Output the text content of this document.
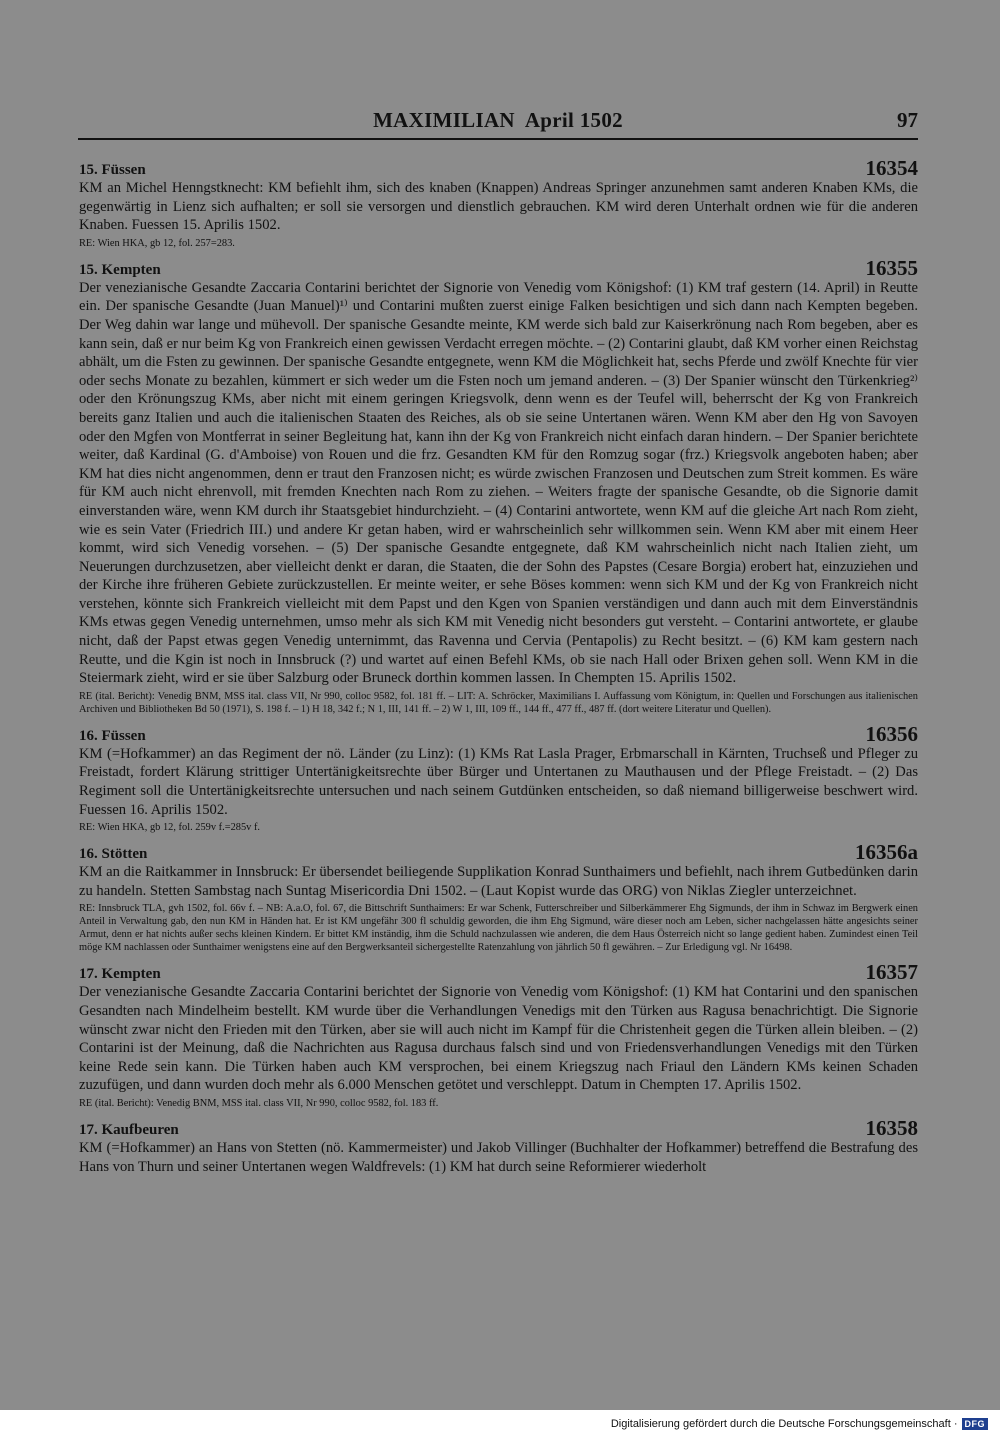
MAXIMILIAN  April 1502	97
15. Füssen	16354
KM an Michel Henngstknecht: KM befiehlt ihm, sich des knaben (Knappen) Andreas Springer anzunehmen samt anderen Knaben KMs, die gegenwärtig in Lienz sich aufhalten; er soll sie versorgen und dienstlich gebrauchen. KM wird deren Unterhalt ordnen wie für die anderen Knaben. Fuessen 15. Aprilis 1502.
RE: Wien HKA, gb 12, fol. 257=283.
15. Kempten	16355
Der venezianische Gesandte Zaccaria Contarini berichtet der Signorie von Venedig vom Königshof: (1) KM traf gestern (14. April) in Reutte ein. Der spanische Gesandte (Juan Manuel)¹⁾ und Contarini mußten zuerst einige Falken besichtigen und sich dann nach Kempten begeben. Der Weg dahin war lange und mühevoll. Der spanische Gesandte meinte, KM werde sich bald zur Kaiserkrönung nach Rom begeben, aber es kann sein, daß er nur beim Kg von Frankreich einen gewissen Verdacht erregen möchte. – (2) Contarini glaubt, daß KM vorher einen Reichstag abhält, um die Fsten zu gewinnen. Der spanische Gesandte entgegnete, wenn KM die Möglichkeit hat, sechs Pferde und zwölf Knechte für vier oder sechs Monate zu bezahlen, kümmert er sich weder um die Fsten noch um jemand anderen. – (3) Der Spanier wünscht den Türkenkrieg²⁾ oder den Krönungszug KMs, aber nicht mit einem geringen Kriegsvolk, denn wenn es der Teufel will, beherrscht der Kg von Frankreich bereits ganz Italien und auch die italienischen Staaten des Reiches, als ob sie seine Untertanen wären. Wenn KM aber den Hg von Savoyen oder den Mgfen von Montferrat in seiner Begleitung hat, kann ihn der Kg von Frankreich nicht einfach daran hindern. – Der Spanier berichtete weiter, daß Kardinal (G. d'Amboise) von Rouen und die frz. Gesandten KM für den Romzug sogar (frz.) Kriegsvolk angeboten haben; aber KM hat dies nicht angenommen, denn er traut den Franzosen nicht; es würde zwischen Franzosen und Deutschen zum Streit kommen. Es wäre für KM auch nicht ehrenvoll, mit fremden Knechten nach Rom zu ziehen. – Weiters fragte der spanische Gesandte, ob die Signorie damit einverstanden wäre, wenn KM durch ihr Staatsgebiet hindurchzieht. – (4) Contarini antwortete, wenn KM auf die gleiche Art nach Rom zieht, wie es sein Vater (Friedrich III.) und andere Kr getan haben, wird er wahrscheinlich sehr willkommen sein. Wenn KM aber mit einem Heer kommt, wird sich Venedig vorsehen. – (5) Der spanische Gesandte entgegnete, daß KM wahrscheinlich nicht nach Italien zieht, um Neuerungen durchzusetzen, aber vielleicht denkt er daran, die Staaten, die der Sohn des Papstes (Cesare Borgia) erobert hat, einzuziehen und der Kirche ihre früheren Gebiete zurückzustellen. Er meinte weiter, er sehe Böses kommen: wenn sich KM und der Kg von Frankreich nicht verstehen, könnte sich Frankreich vielleicht mit dem Papst und den Kgen von Spanien verständigen und dann auch mit dem Einverständnis KMs etwas gegen Venedig unternehmen, umso mehr als sich KM mit Venedig nicht besonders gut versteht. – Contarini antwortete, er glaube nicht, daß der Papst etwas gegen Venedig unternimmt, das Ravenna und Cervia (Pentapolis) zu Recht besitzt. – (6) KM kam gestern nach Reutte, und die Kgin ist noch in Innsbruck (?) und wartet auf einen Befehl KMs, ob sie nach Hall oder Brixen gehen soll. Wenn KM in die Steiermark zieht, wird er sie über Salzburg oder Bruneck dorthin kommen lassen. In Chempten 15. Aprilis 1502.
RE (ital. Bericht): Venedig BNM, MSS ital. class VII, Nr 990, colloc 9582, fol. 181 ff. – LIT: A. Schröcker, Maximilians I. Auffassung vom Königtum, in: Quellen und Forschungen aus italienischen Archiven und Bibliotheken Bd 50 (1971), S. 198 f. – 1) H 18, 342 f.; N 1, III, 141 ff. – 2) W 1, III, 109 ff., 144 ff., 477 ff., 487 ff. (dort weitere Literatur und Quellen).
16. Füssen	16356
KM (=Hofkammer) an das Regiment der nö. Länder (zu Linz): (1) KMs Rat Lasla Prager, Erbmarschall in Kärnten, Truchseß und Pfleger zu Freistadt, fordert Klärung strittiger Untertänigkeitsrechte über Bürger und Untertanen zu Mauthausen und der Pflege Freistadt. – (2) Das Regiment soll die Untertänigkeitsrechte untersuchen und nach seinem Gutdünken entscheiden, so daß niemand billigerweise beschwert wird. Fuessen 16. Aprilis 1502.
RE: Wien HKA, gb 12, fol. 259v f.=285v f.
16. Stötten	16356a
KM an die Raitkammer in Innsbruck: Er übersendet beiliegende Supplikation Konrad Sunthaimers und befiehlt, nach ihrem Gutbedünken darin zu handeln. Stetten Sambstag nach Suntag Misericordia Dni 1502. – (Laut Kopist wurde das ORG) von Niklas Ziegler unterzeichnet.
RE: Innsbruck TLA, gvh 1502, fol. 66v f. – NB: A.a.O, fol. 67, die Bittschrift Sunthaimers: Er war Schenk, Futterschreiber und Silberkämmerer Ehg Sigmunds, der ihm in Schwaz im Bergwerk einen Anteil in Verwaltung gab, den nun KM in Händen hat. Er ist KM ungefähr 300 fl schuldig geworden, die ihm Ehg Sigmund, wäre dieser noch am Leben, sicher nachgelassen hätte angesichts seiner Armut, denn er hat nichts außer sechs kleinen Kindern. Er bittet KM inständig, ihm die Schuld nachzulassen wie anderen, die dem Haus Österreich nicht so lange gedient haben. Zumindest einen Teil möge KM nachlassen oder Sunthaimer wenigstens eine auf den Bergwerksanteil sichergestellte Ratenzahlung von jährlich 50 fl gewähren. – Zur Erledigung vgl. Nr 16498.
17. Kempten	16357
Der venezianische Gesandte Zaccaria Contarini berichtet der Signorie von Venedig vom Königshof: (1) KM hat Contarini und den spanischen Gesandten nach Mindelheim bestellt. KM wurde über die Verhandlungen Venedigs mit den Türken aus Ragusa benachrichtigt. Die Signorie wünscht zwar nicht den Frieden mit den Türken, aber sie will auch nicht im Kampf für die Christenheit gegen die Türken allein bleiben. – (2) Contarini ist der Meinung, daß die Nachrichten aus Ragusa durchaus falsch sind und von Friedensverhandlungen Venedigs mit den Türken keine Rede sein kann. Die Türken haben auch KM versprochen, bei einem Kriegszug nach Friaul den Ländern KMs keinen Schaden zuzufügen, und dann wurden doch mehr als 6.000 Menschen getötet und verschleppt. Datum in Chempten 17. Aprilis 1502.
RE (ital. Bericht): Venedig BNM, MSS ital. class VII, Nr 990, colloc 9582, fol. 183 ff.
17. Kaufbeuren	16358
KM (=Hofkammer) an Hans von Stetten (nö. Kammermeister) und Jakob Villinger (Buchhalter der Hofkammer) betreffend die Bestrafung des Hans von Thurn und seiner Untertanen wegen Waldfrevels: (1) KM hat durch seine Reformierer wiederholt
Digitalisierung gefördert durch die Deutsche Forschungsgemeinschaft · DFG
